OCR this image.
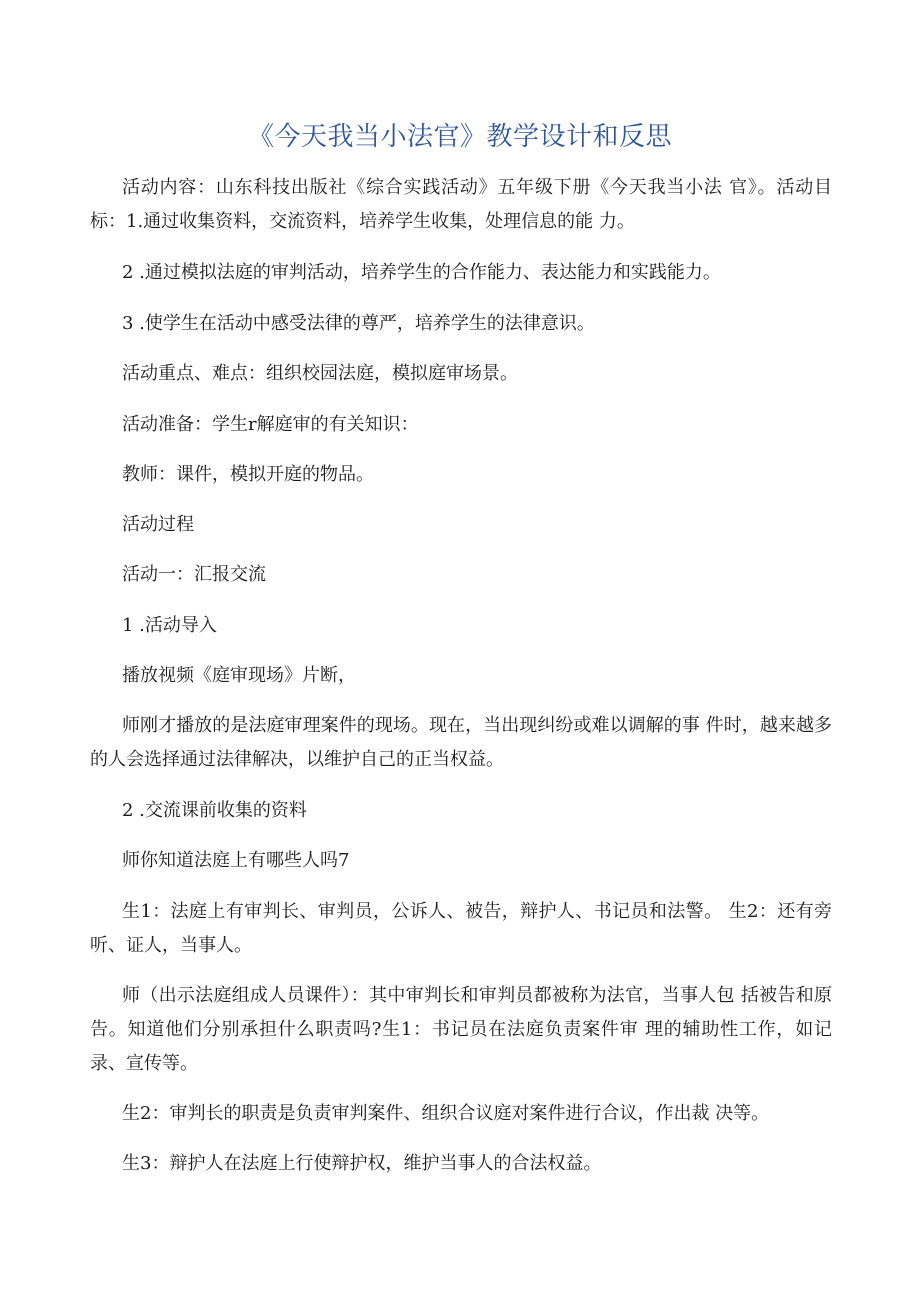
《今天我当小法官》教学设计和反思

活动内容：山东科技出版社《综合实践活动》五年级下册《今天我当小法 官》。活动目标：1.通过收集资料，交流资料，培养学生收集，处理信息的能 力。

2 .通过模拟法庭的审判活动，培养学生的合作能力、表达能力和实践能力。

3 .使学生在活动中感受法律的尊严，培养学生的法律意识。

活动重点、难点：组织校园法庭，模拟庭审场景。

活动准备：学生r解庭审的有关知识：

教师：课件，模拟开庭的物品。

活动过程

活动一：汇报交流

1 .活动导入

播放视频《庭审现场》片断，

师刚才播放的是法庭审理案件的现场。现在，当出现纠纷或难以调解的事 件时，越来越多的人会选择通过法律解决，以维护自己的正当权益。

2 .交流课前收集的资料

师你知道法庭上有哪些人吗7

生1：法庭上有审判长、审判员，公诉人、被告，辩护人、书记员和法警。 生2：还有旁听、证人，当事人。

师（出示法庭组成人员课件）：其中审判长和审判员都被称为法官，当事人包 括被告和原告。知道他们分别承担什么职责吗?生1：书记员在法庭负责案件审 理的辅助性工作，如记录、宣传等。

生2：审判长的职责是负责审判案件、组织合议庭对案件进行合议，作出裁 决等。

生3：辩护人在法庭上行使辩护权，维护当事人的合法权益。
